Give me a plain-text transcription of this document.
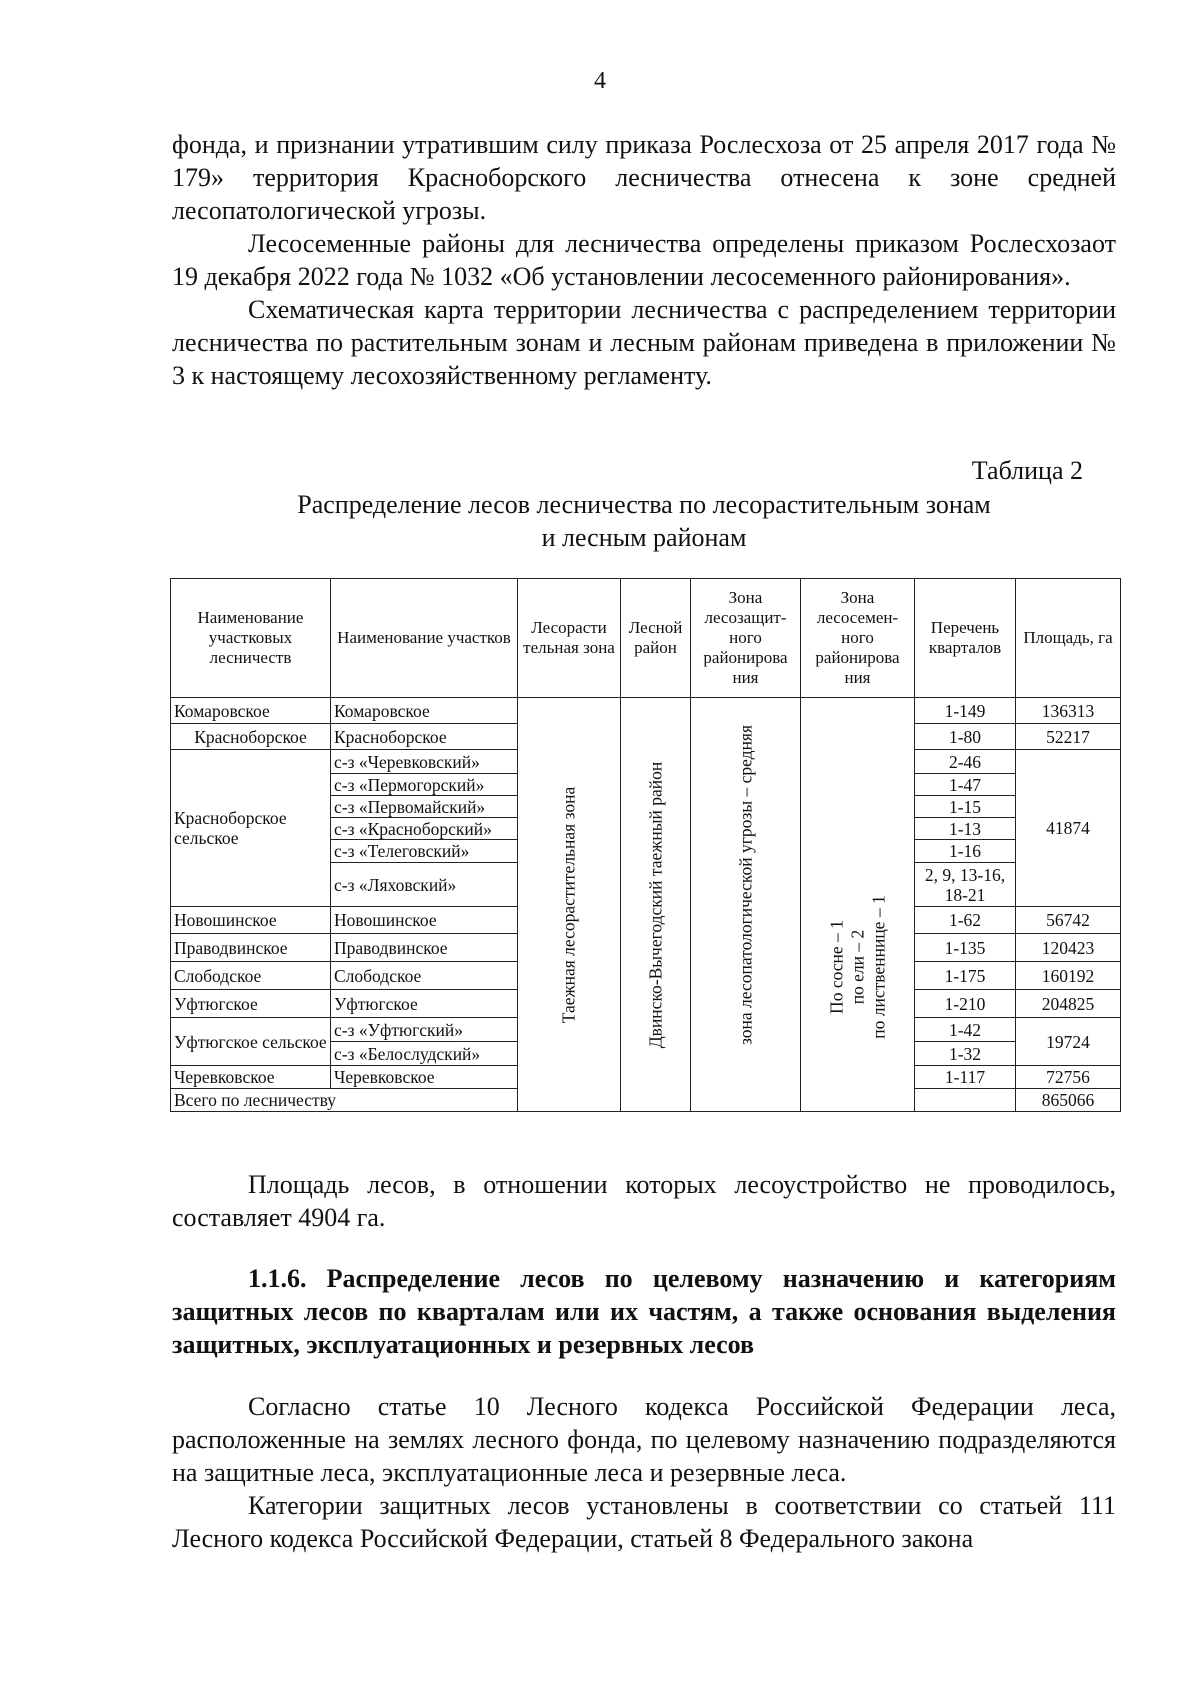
4

фонда, и признании утратившим силу приказа Рослесхоза от 25 апреля 2017 года № 179» территория Красноборского лесничества отнесена к зоне средней лесопатологической угрозы.

Лесосеменные районы для лесничества определены приказом Рослесхозаот 19 декабря 2022 года № 1032 «Об установлении лесосеменного районирования».

Схематическая карта территории лесничества с распределением территории лесничества по растительным зонам и лесным районам приведена в приложении № 3 к настоящему лесохозяйственному регламенту.

Таблица 2
Распределение лесов лесничества по лесорастительным зонам
и лесным районам
Наименование участковых лесничеств	Наименование участков	Лесорасти тельная зона	Лесной район	Зона лесозащит-ного районирова ния	Зона лесосемен-ного районирова ния	Перечень кварталов	Площадь, га
Комаровское	Комаровское	Таежная лесорастительная зона	Двинско-Вычегодский таежный район	зона лесопатологической угрозы – средняя	По сосне – 1 по ели – 2 по лиственнице – 1	1-149	136313
Красноборское	Красноборское					1-80	52217
Красноборское сельское	с-з «Черевковский»					2-46	41874
	с-з «Пермогорский»					1-47	
	с-з «Первомайский»					1-15	
	с-з «Красноборский»					1-13	
	с-з «Телеговский»					1-16	
	с-з «Ляховский»					2, 9, 13-16, 18-21	
Новошинское	Новошинское					1-62	56742
Праводвинское	Праводвинское					1-135	120423
Слободское	Слободское					1-175	160192
Уфтюгское	Уфтюгское					1-210	204825
Уфтюгское сельское	с-з «Уфтюгский»					1-42	19724
	с-з «Белослудский»					1-32	
Черевковское	Черевковское					1-117	72756
Всего по лесничеству							865066

Площадь лесов, в отношении которых лесоустройство не проводилось, составляет 4904 га.

1.1.6. Распределение лесов по целевому назначению и категориям защитных лесов по кварталам или их частям, а также основания выделения защитных, эксплуатационных и резервных лесов

Согласно статье 10 Лесного кодекса Российской Федерации леса, расположенные на землях лесного фонда, по целевому назначению подразделяются на защитные леса, эксплуатационные леса и резервные леса.

Категории защитных лесов установлены в соответствии со статьей 111 Лесного кодекса Российской Федерации, статьей 8 Федерального закона
